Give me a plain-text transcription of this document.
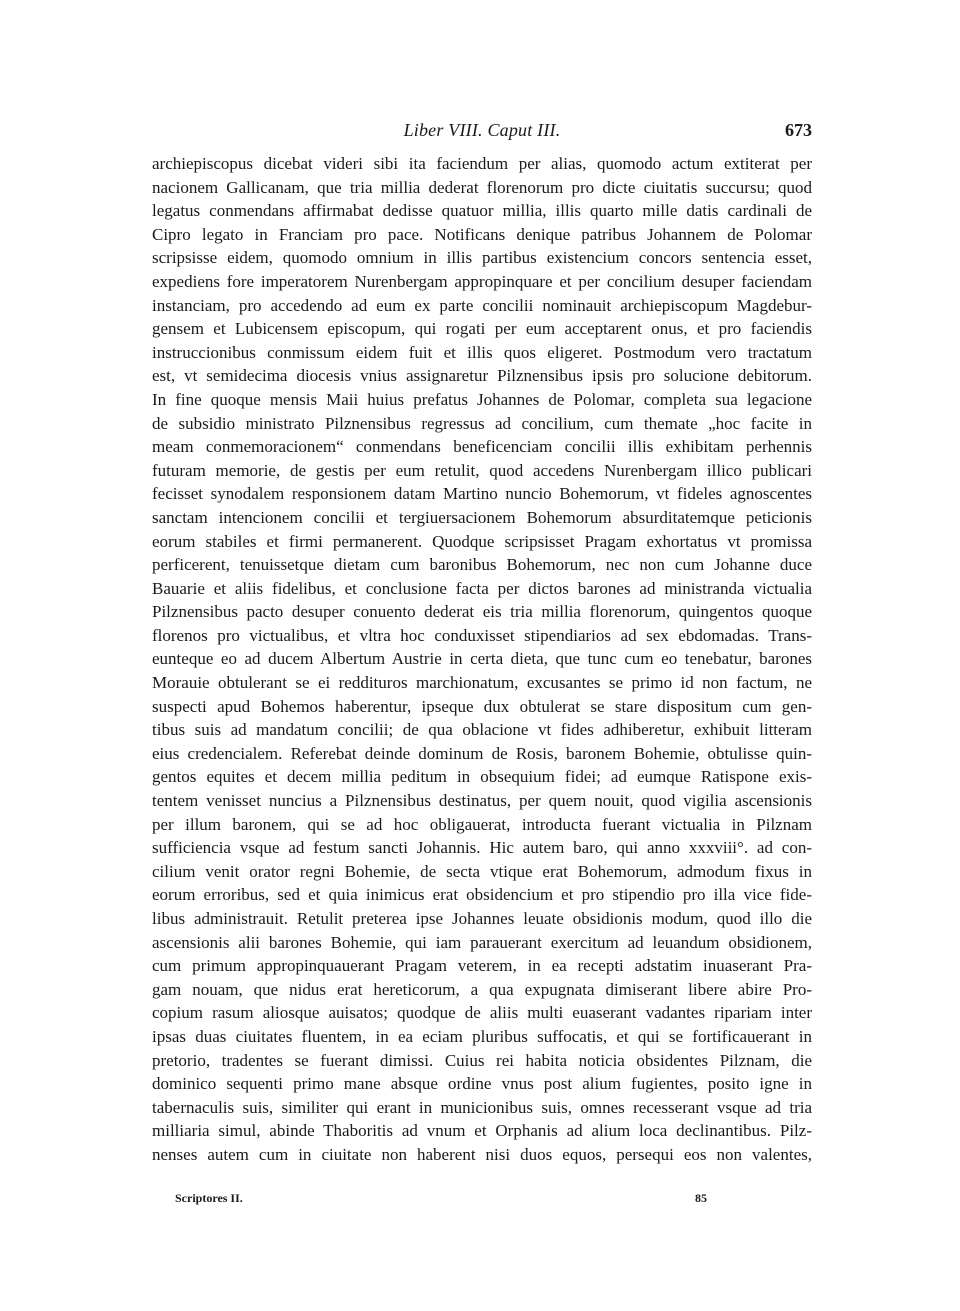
Liber VIII. Caput III.	673
archiepiscopus dicebat videri sibi ita faciendum per alias, quomodo actum extiterat per
nacionem Gallicanam, que tria millia dederat florenorum pro dicte ciuitatis succursu; quod
legatus conmendans affirmabat dedisse quatuor millia, illis quarto mille datis cardinali de
Cipro legato in Franciam pro pace. Notificans denique patribus Johannem de Polomar
scripsisse eidem, quomodo omnium in illis partibus existencium concors sentencia esset,
expediens fore imperatorem Nurenbergam appropinquare et per concilium desuper faciendam
instanciam, pro accedendo ad eum ex parte concilii nominauit archiepiscopum Magdebur-
gensem et Lubicensem episcopum, qui rogati per eum acceptarent onus, et pro faciendis
instruccionibus conmissum eidem fuit et illis quos eligeret. Postmodum vero tractatum
est, vt semidecima diocesis vnius assignaretur Pilznensibus ipsis pro solucione debitorum.
In fine quoque mensis Maii huius prefatus Johannes de Polomar, completa sua legacione
de subsidio ministrato Pilznensibus regressus ad concilium, cum themate „hoc facite in
meam conmemoracionem“ conmendans beneficenciam concilii illis exhibitam perhennis
futuram memorie, de gestis per eum retulit, quod accedens Nurenbergam illico publicari
fecisset synodalem responsionem datam Martino nuncio Bohemorum, vt fideles agnoscentes
sanctam intencionem concilii et tergiuersacionem Bohemorum absurditatemque peticionis
eorum stabiles et firmi permanerent. Quodque scripsisset Pragam exhortatus vt promissa
perficerent, tenuissetque dietam cum baronibus Bohemorum, nec non cum Johanne duce
Bauarie et aliis fidelibus, et conclusione facta per dictos barones ad ministranda victualia
Pilznensibus pacto desuper conuento dederat eis tria millia florenorum, quingentos quoque
florenos pro victualibus, et vltra hoc conduxisset stipendiarios ad sex ebdomadas. Trans-
eunteque eo ad ducem Albertum Austrie in certa dieta, que tunc cum eo tenebatur, barones
Morauie obtulerant se ei reddituros marchionatum, excusantes se primo id non factum, ne
suspecti apud Bohemos haberentur, ipseque dux obtulerat se stare dispositum cum gen-
tibus suis ad mandatum concilii; de qua oblacione vt fides adhiberetur, exhibuit litteram
eius credencialem. Referebat deinde dominum de Rosis, baronem Bohemie, obtulisse quin-
gentos equites et decem millia peditum in obsequium fidei; ad eumque Ratispone exis-
tentem venisset nuncius a Pilznensibus destinatus, per quem nouit, quod vigilia ascensionis
per illum baronem, qui se ad hoc obligauerat, introducta fuerant victualia in Pilznam
sufficiencia vsque ad festum sancti Johannis. Hic autem baro, qui anno xxxviii°. ad con-
cilium venit orator regni Bohemie, de secta vtique erat Bohemorum, admodum fixus in
eorum erroribus, sed et quia inimicus erat obsidencium et pro stipendio pro illa vice fide-
libus administrauit. Retulit preterea ipse Johannes leuate obsidionis modum, quod illo die
ascensionis alii barones Bohemie, qui iam parauerant exercitum ad leuandum obsidionem,
cum primum appropinquauerant Pragam veterem, in ea recepti adstatim inuaserant Pra-
gam nouam, que nidus erat hereticorum, a qua expugnata dimiserant libere abire Pro-
copium rasum aliosque auisatos; quodque de aliis multi euaserant vadantes ripariam inter
ipsas duas ciuitates fluentem, in ea eciam pluribus suffocatis, et qui se fortificauerant in
pretorio, tradentes se fuerant dimissi. Cuius rei habita noticia obsidentes Pilznam, die
dominico sequenti primo mane absque ordine vnus post alium fugientes, posito igne in
tabernaculis suis, similiter qui erant in municionibus suis, omnes recesserant vsque ad tria
milliaria simul, abinde Thaboritis ad vnum et Orphanis ad alium loca declinantibus. Pilz-
nenses autem cum in ciuitate non haberent nisi duos equos, persequi eos non valentes,
Scriptores II.	85
